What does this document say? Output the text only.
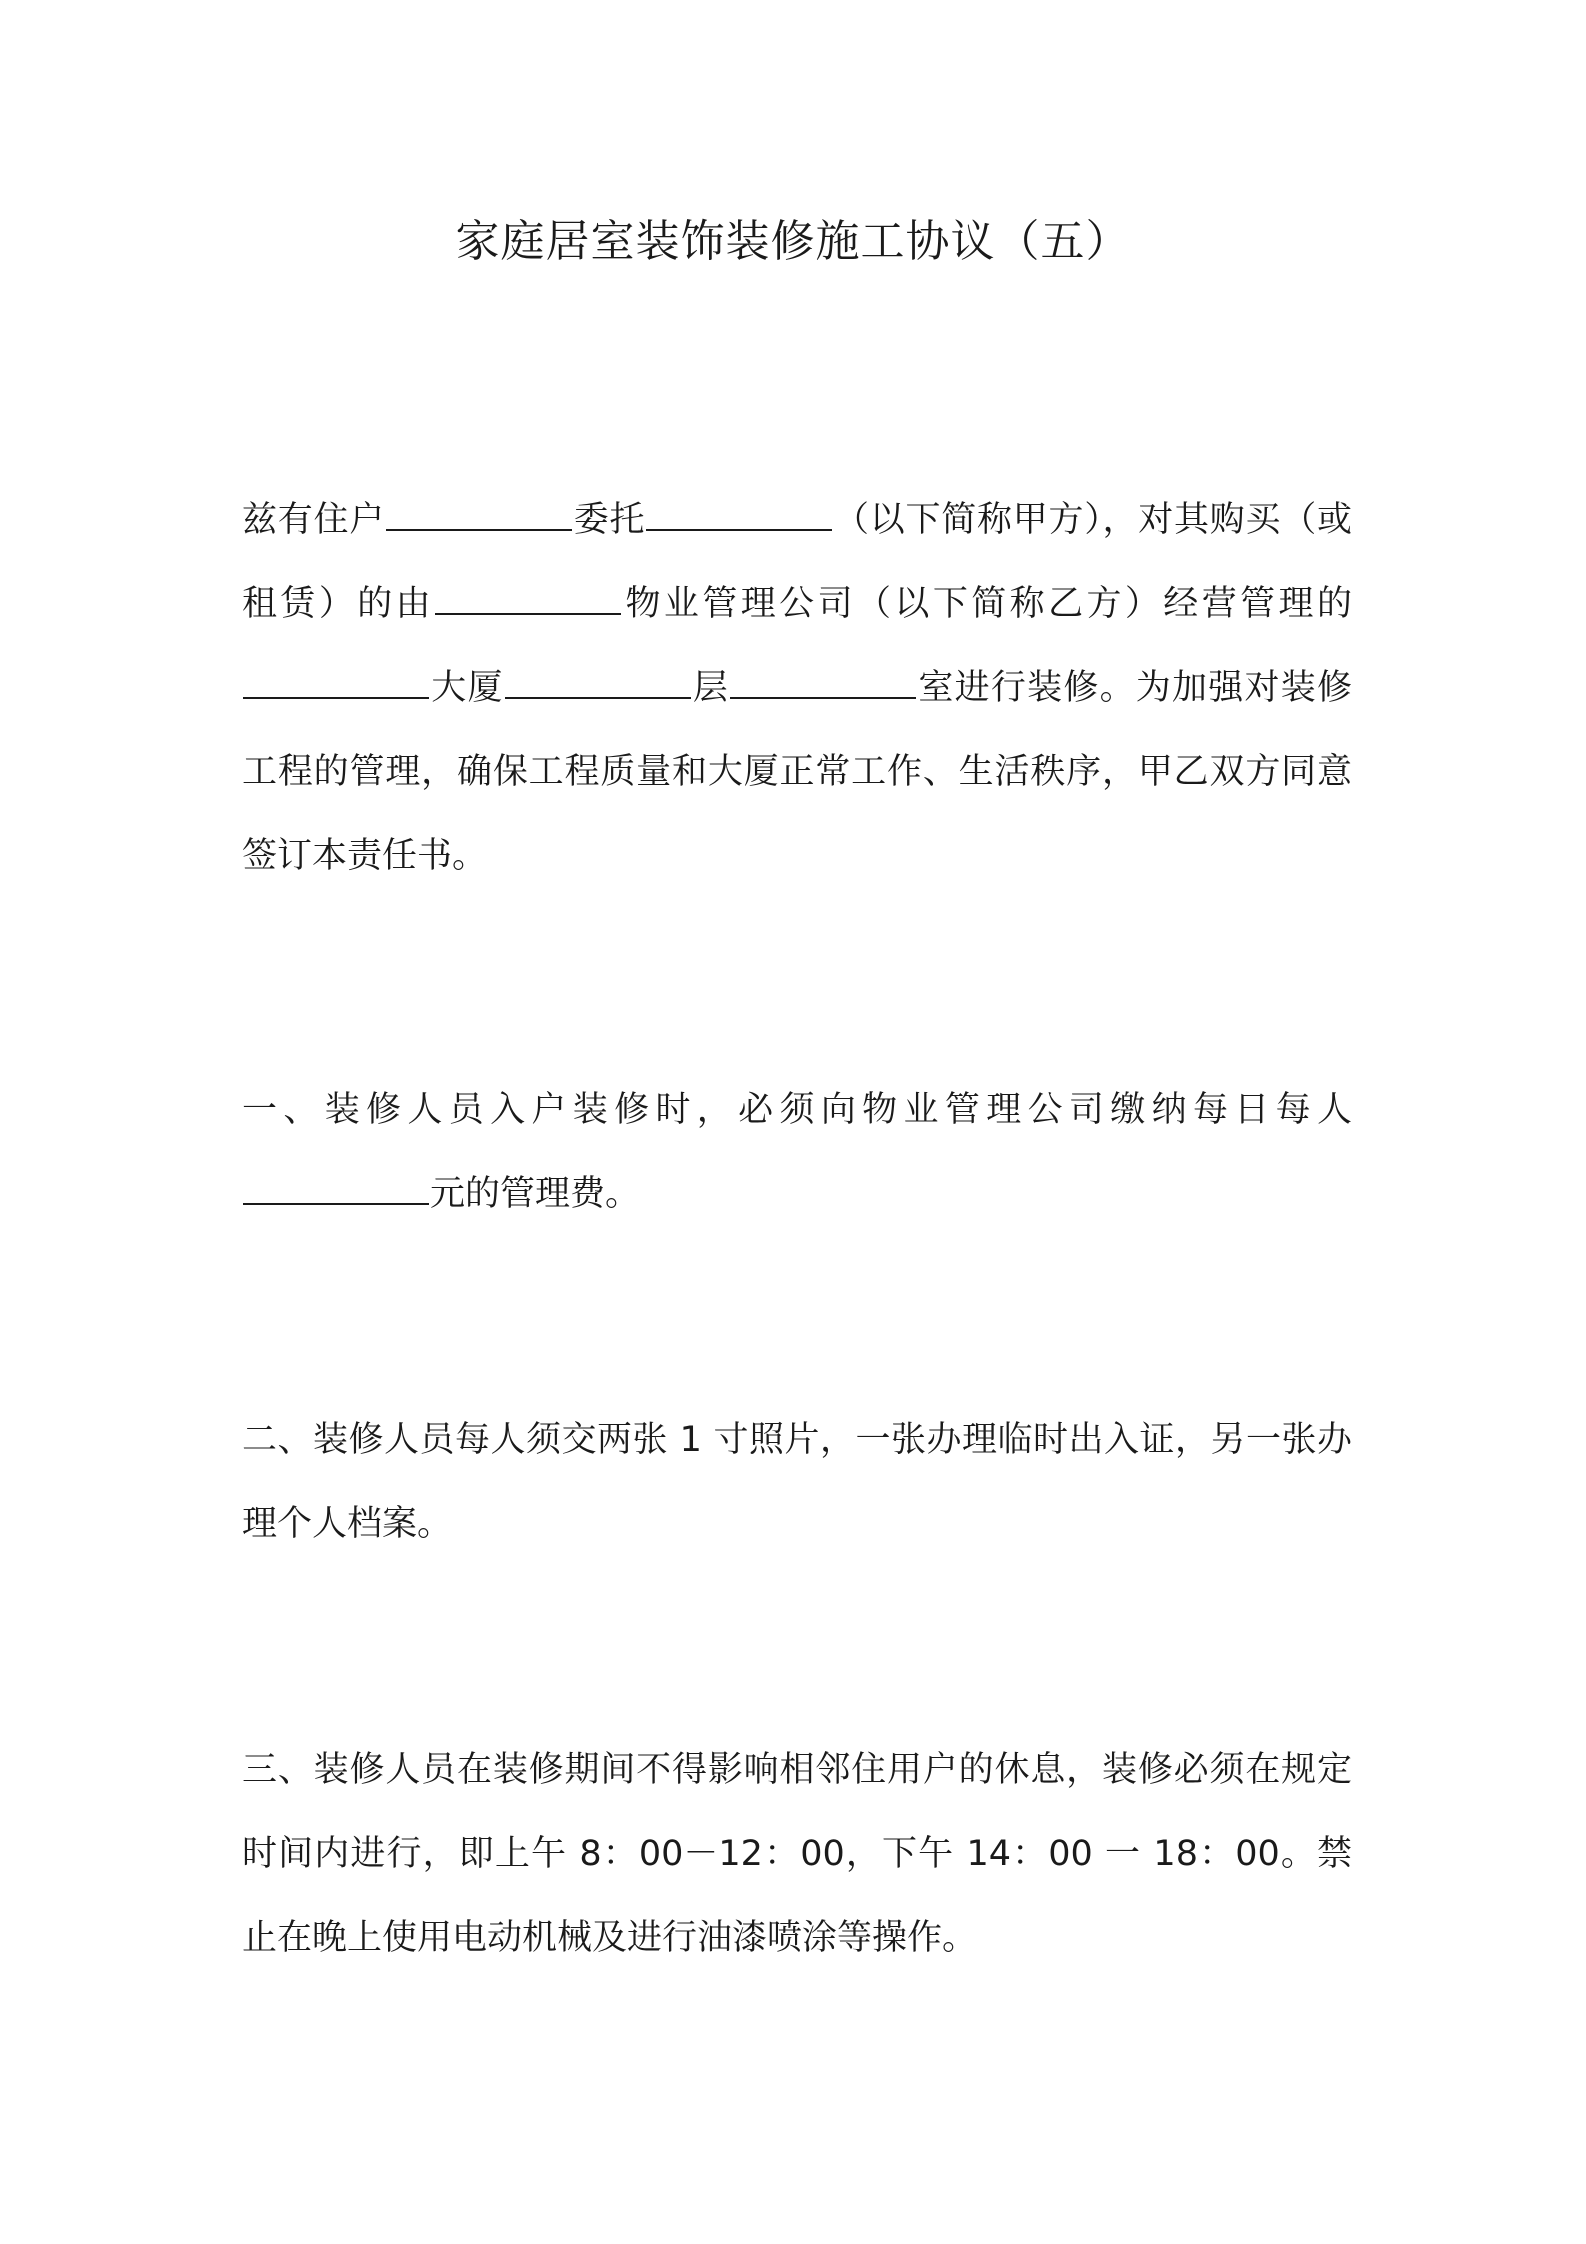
家庭居室装饰装修施工协议（五）

兹有住户	委托	（以下简称甲方），对其购买（或租赁）的由	物业管理公司（以下简称乙方）经营管理的大厦	层	室进行装修。为加强对装修工程的管理，确保工程质量和大厦正常工作、生活秩序，甲乙双方同意签订本责任书。

一、装修人员入户装修时，必须向物业管理公司缴纳每日每人元的管理费。

二、装修人员每人须交两张 1 寸照片，一张办理临时出入证，另一张办理个人档案。

三、装修人员在装修期间不得影响相邻住用户的休息，装修必须在规定时间内进行，即上午 8：00－12：00，下午 14：00 一 18：00。禁止在晚上使用电动机械及进行油漆喷涂等操作。
